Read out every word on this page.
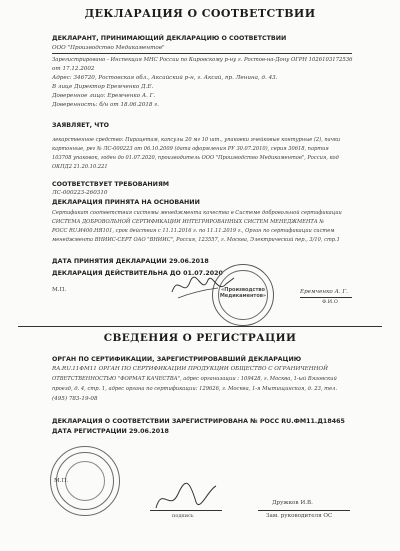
ДЕКЛАРАЦИЯ О СООТВЕТСТВИИ
ДЕКЛАРАНТ, ПРИНИМАЮЩИЙ ДЕКЛАРАЦИЮ О СООТВЕТСТВИИ
ООО "Производство Медикаментов"
Зарегистрировано - Инспекция МНС России по Кировскому р-ну г. Ростов-на-Дону ОГРН 1026103172536
от 17.12.2002
Адрес: 346720, Ростовская обл., Аксайский р-н, г. Аксай, пр. Ленина, д. 43.
В лице Директор Еремченко Д.Е.
Доверенное лицо: Еремченко А. Г.
Доверенность: б/н от 18.06.2018 г.
ЗАЯВЛЯЕТ, ЧТО
лекарственное средство: Пирацетам, капсулы 20 мг 10 шт., упаковки ячейковые контурные (2), пачки
картонные, рег № ЛС-000223 от 06.10.2009 (дата оформления РУ 30.07.2010), серия 30618, партия
103708 упаковок, годен до 01.07.2020, производитель ООО "Производство Медикаментов", Россия, код
ОКПД2 21.20.10.221
СООТВЕТСТВУЕТ ТРЕБОВАНИЯМ
ЛС-000223-260310
ДЕКЛАРАЦИЯ ПРИНЯТА НА ОСНОВАНИИ
Сертификат соответствия системы менеджмента качества в Системе добровольной сертификации
СИСТЕМА ДОБРОВОЛЬНОЙ СЕРТИФИКАЦИИ ИНТЕГРИРОВАННЫХ СИСТЕМ МЕНЕДЖМЕНТА №
РОСС RU.И400.НЯ101, срок действия с 11.11.2016 г. по 11.11.2019 г., Орган по сертификации систем
менеджмента ВНИИС-СЕРТ ОАО "ВНИИС", Россия, 123557, г. Москва, Электрический пер., 3/10, стр.1
ДАТА ПРИНЯТИЯ ДЕКЛАРАЦИИ 29.06.2018
ДЕКЛАРАЦИЯ ДЕЙСТВИТЕЛЬНА ДО 01.07.2020
М.П.	Еремченко А. Г.
Ф.И.О
«Производство
Медикаментов»
СВЕДЕНИЯ О РЕГИСТРАЦИИ
ОРГАН ПО СЕРТИФИКАЦИИ, ЗАРЕГИСТРИРОВАВШИЙ ДЕКЛАРАЦИЮ
RA.RU.11ФМ11 ОРГАН ПО СЕРТИФИКАЦИИ ПРОДУКЦИИ ОБЩЕСТВО С ОГРАНИЧЕННОЙ
ОТВЕТСТВЕННОСТЬЮ "ФОРМАТ КАЧЕСТВА", адрес организации : 109428, г. Москва, 1-ый Вязовский
проезд, д. 4, стр. 1, адрес органа по сертификации: 129626, г. Москва, 1-я Мытищинская, д. 23, тел.
(495) 783-19-08
ДЕКЛАРАЦИЯ О СООТВЕТСТВИИ ЗАРЕГИСТРИРОВАНА № РОСС RU.ФМ11.Д18465
ДАТА РЕГИСТРАЦИИ 29.06.2018
М.П.
подпись
Дружков И.В.
Зам. руководителя ОС
